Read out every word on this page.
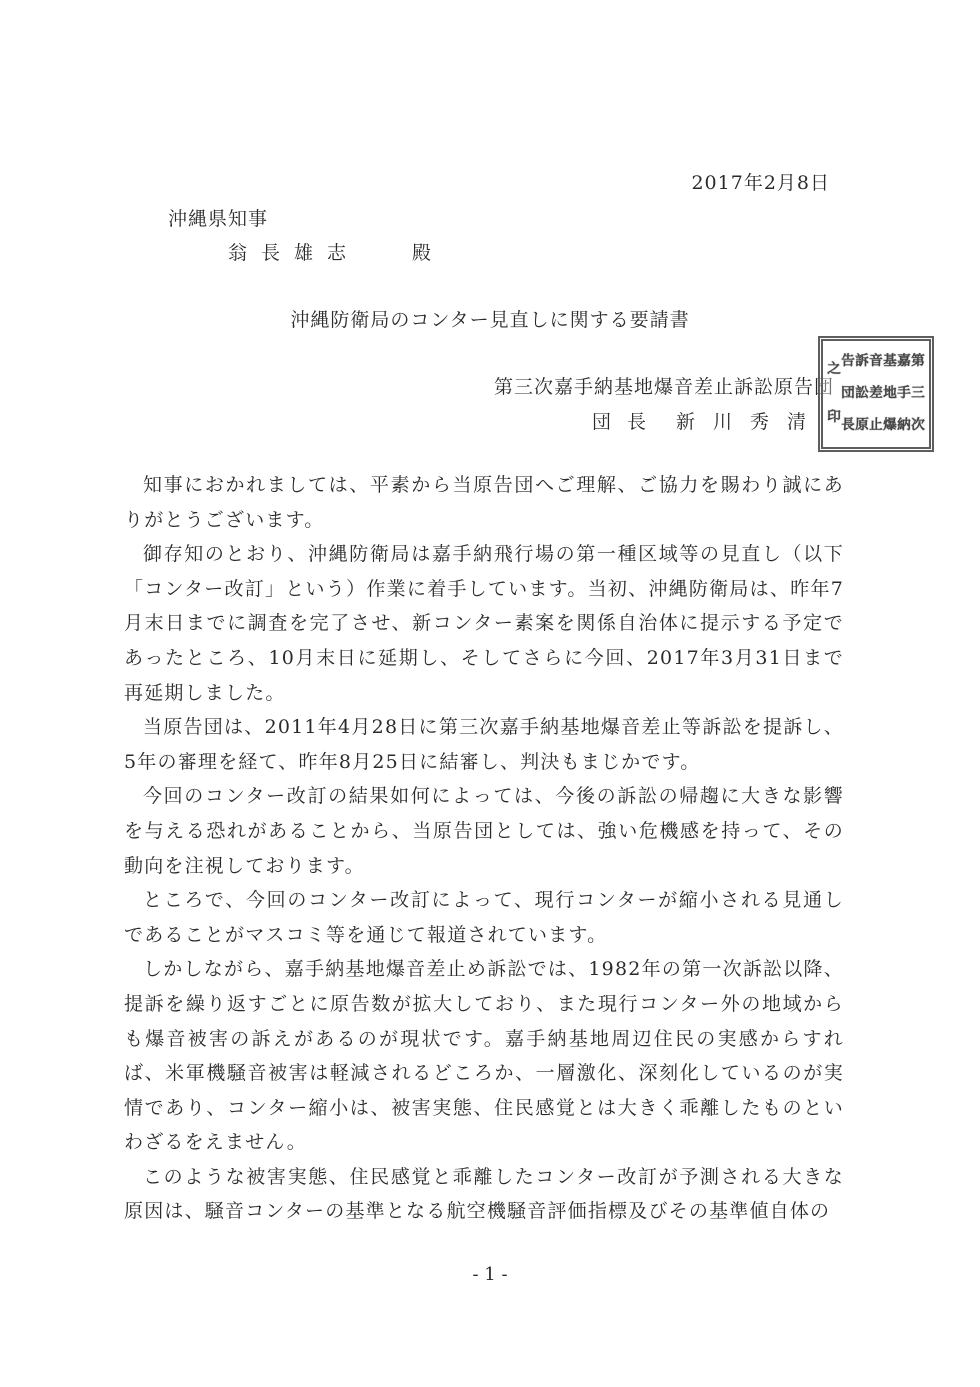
2017年2月8日
沖縄県知事
翁長雄志	殿
沖縄防衛局のコンター見直しに関する要請書
第三次嘉手納基地爆音差止訴訟原告団
団長 新川秀清
第
三
次
嘉
手
納
基
地
爆
音
差
止
訴
訟
原
告
団
長
之
印

知事におかれましては、平素から当原告団へご理解、ご協力を賜わり誠にありがとうございます。

御存知のとおり、沖縄防衛局は嘉手納飛行場の第一種区域等の見直し（以下「コンター改訂」という）作業に着手しています。当初、沖縄防衛局は、昨年7月末日までに調査を完了させ、新コンター素案を関係自治体に提示する予定であったところ、10月末日に延期し、そしてさらに今回、2017年3月31日まで再延期しました。

当原告団は、2011年4月28日に第三次嘉手納基地爆音差止等訴訟を提訴し、5年の審理を経て、昨年8月25日に結審し、判決もまじかです。

今回のコンター改訂の結果如何によっては、今後の訴訟の帰趨に大きな影響を与える恐れがあることから、当原告団としては、強い危機感を持って、その動向を注視しております。

ところで、今回のコンター改訂によって、現行コンターが縮小される見通しであることがマスコミ等を通じて報道されています。

しかしながら、嘉手納基地爆音差止め訴訟では、1982年の第一次訴訟以降、提訴を繰り返すごとに原告数が拡大しており、また現行コンター外の地域からも爆音被害の訴えがあるのが現状です。嘉手納基地周辺住民の実感からすれば、米軍機騒音被害は軽減されるどころか、一層激化、深刻化しているのが実情であり、コンター縮小は、被害実態、住民感覚とは大きく乖離したものといわざるをえません。

このような被害実態、住民感覚と乖離したコンター改訂が予測される大きな原因は、騒音コンターの基準となる航空機騒音評価指標及びその基準値自体の

- 1 -
